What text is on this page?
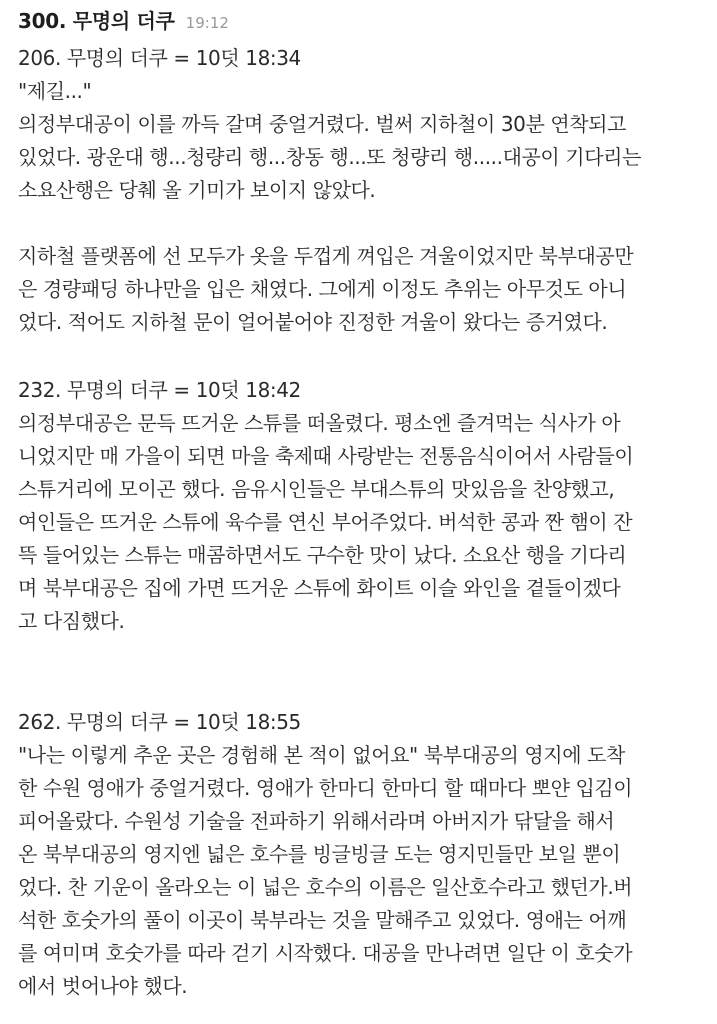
300. 무명의 더쿠 19:12
206. 무명의 더쿠 = 10덧 18:34
"제길..."
의정부대공이 이를 까득 갈며 중얼거렸다. 벌써 지하철이 30분 연착되고
있었다. 광운대 행...청량리 행...창동 행...또 청량리 행.....대공이 기다리는
소요산행은 당췌 올 기미가 보이지 않았다.
지하철 플랫폼에 선 모두가 옷을 두껍게 껴입은 겨울이었지만 북부대공만
은 경량패딩 하나만을 입은 채였다. 그에게 이정도 추위는 아무것도 아니
었다. 적어도 지하철 문이 얼어붙어야 진정한 겨울이 왔다는 증거였다.
232. 무명의 더쿠 = 10덧 18:42
의정부대공은 문득 뜨거운 스튜를 떠올렸다. 평소엔 즐겨먹는 식사가 아
니었지만 매 가을이 되면 마을 축제때 사랑받는 전통음식이어서 사람들이
스튜거리에 모이곤 했다. 음유시인들은 부대스튜의 맛있음을 찬양했고,
여인들은 뜨거운 스튜에 육수를 연신 부어주었다. 버석한 콩과 짠 햄이 잔
뜩 들어있는 스튜는 매콤하면서도 구수한 맛이 났다. 소요산 행을 기다리
며 북부대공은 집에 가면 뜨거운 스튜에 화이트 이슬 와인을 곁들이겠다
고 다짐했다.
262. 무명의 더쿠 = 10덧 18:55
"나는 이렇게 추운 곳은 경험해 본 적이 없어요" 북부대공의 영지에 도착
한 수원 영애가 중얼거렸다. 영애가 한마디 한마디 할 때마다 뽀얀 입김이
피어올랐다. 수원성 기술을 전파하기 위해서라며 아버지가 닦달을 해서
온 북부대공의 영지엔 넓은 호수를 빙글빙글 도는 영지민들만 보일 뿐이
었다. 찬 기운이 올라오는 이 넓은 호수의 이름은 일산호수라고 했던가.버
석한 호숫가의 풀이 이곳이 북부라는 것을 말해주고 있었다. 영애는 어깨
를 여미며 호숫가를 따라 걷기 시작했다. 대공을 만나려면 일단 이 호숫가
에서 벗어나야 했다.
